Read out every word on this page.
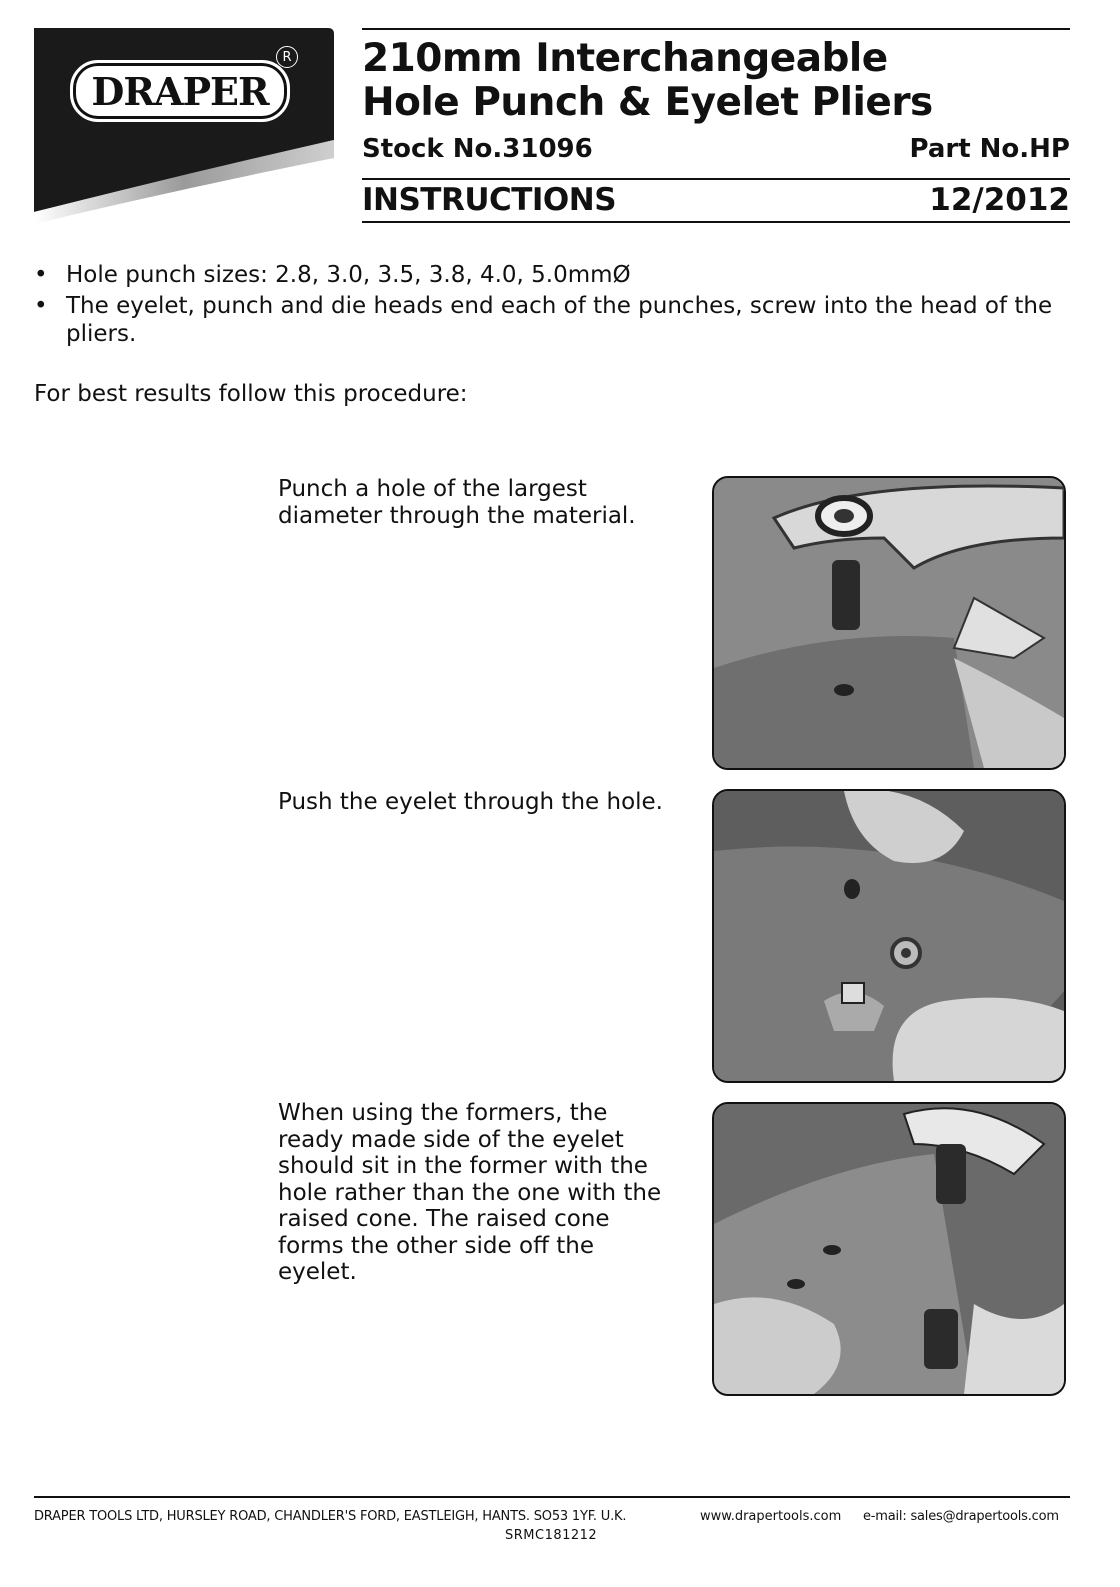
DRAPER
R 210mm Interchangeable
Hole Punch & Eyelet Pliers
Stock No.31096	Part No.HP
INSTRUCTIONS	12/2012
• Hole punch sizes: 2.8, 3.0, 3.5, 3.8, 4.0, 5.0mmØ
• The eyelet, punch and die heads end each of the punches, screw into the head of the pliers.
For best results follow this procedure:
Punch a hole of the largest diameter through the material.
Push the eyelet through the hole.
When using the formers, the ready made side of the eyelet should sit in the former with the hole rather than the one with the raised cone. The raised cone forms the other side off the eyelet.
DRAPER TOOLS LTD, HURSLEY ROAD, CHANDLER'S FORD, EASTLEIGH, HANTS. SO53 1YF. U.K.	www.drapertools.com e-mail: sales@drapertools.com
SRMC181212
